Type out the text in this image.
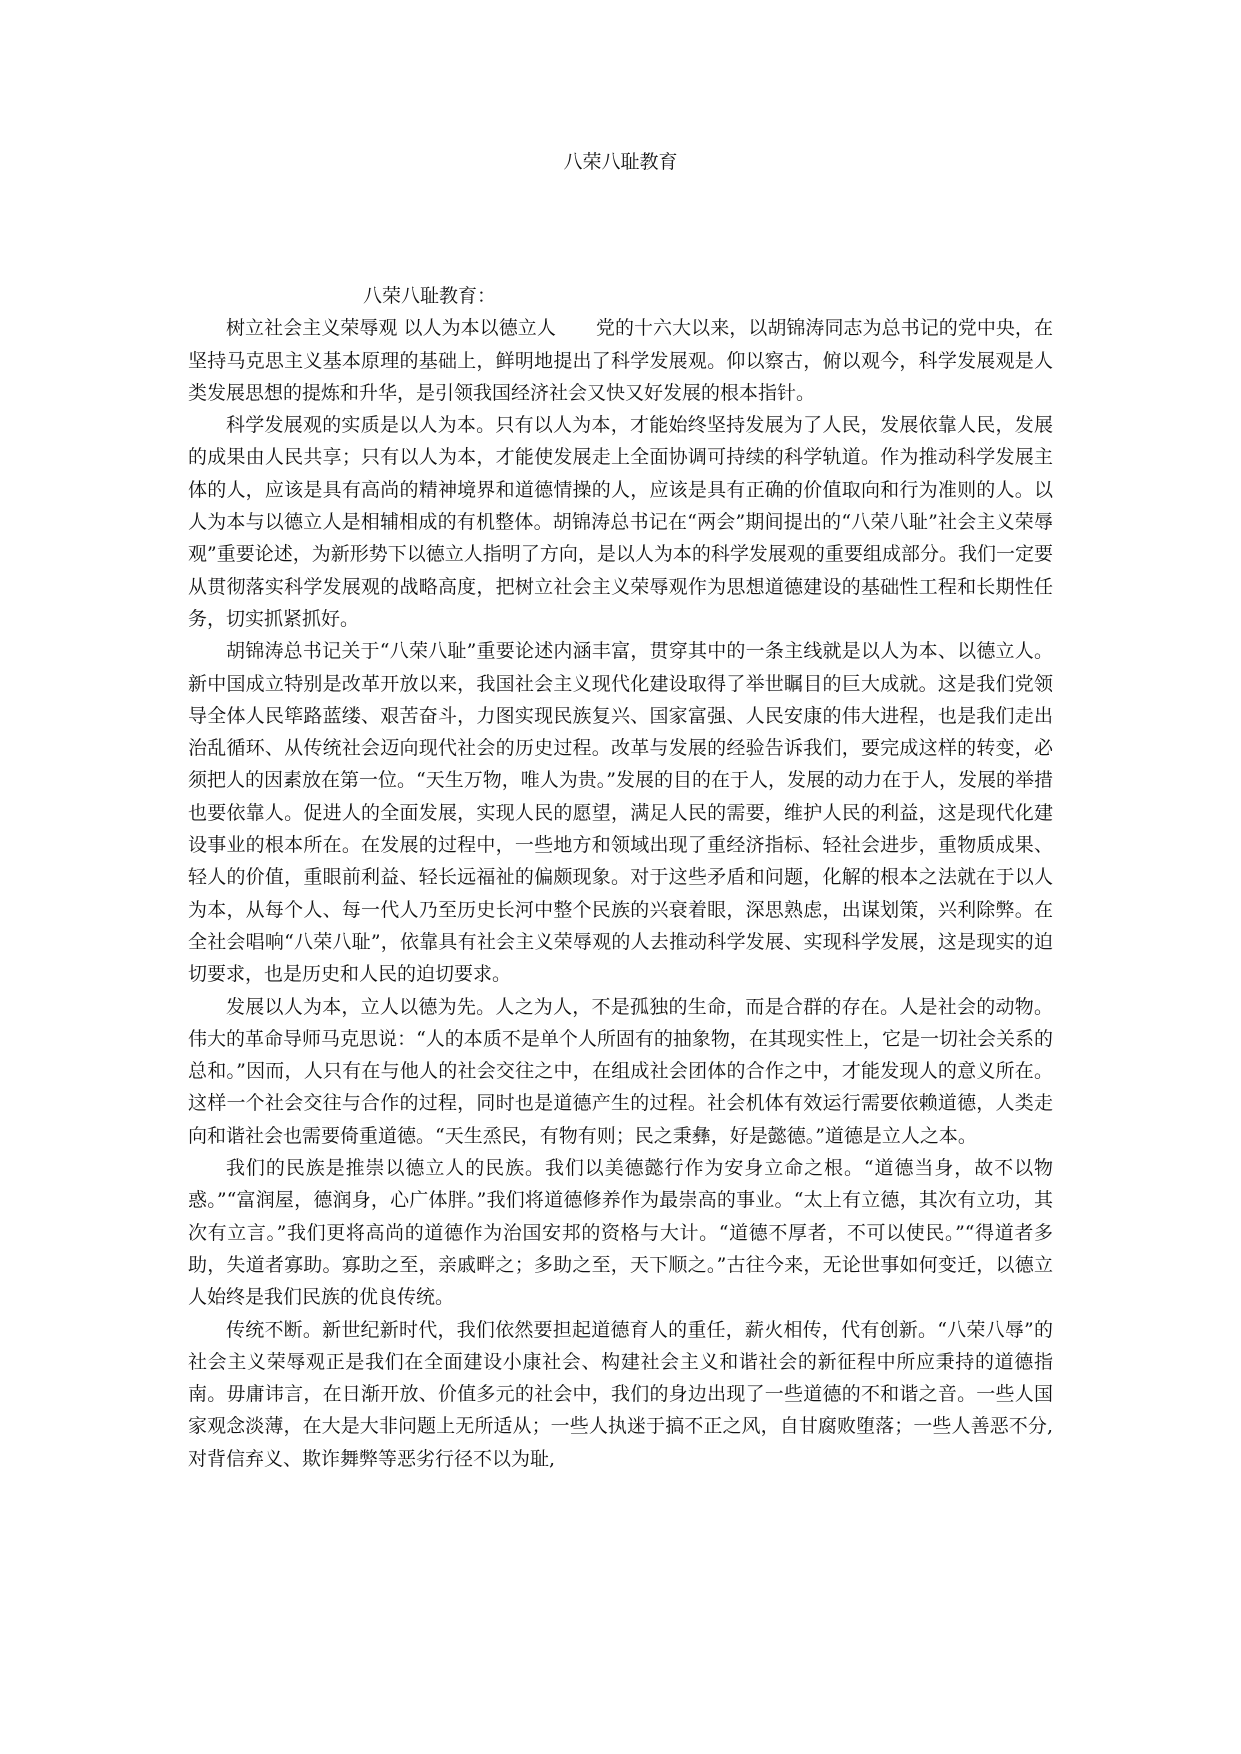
八荣八耻教育

八荣八耻教育：

树立社会主义荣辱观 以人为本以德立人 党的十六大以来，以胡锦涛同志为总书记的党中央，在坚持马克思主义基本原理的基础上，鲜明地提出了科学发展观。仰以察古，俯以观今，科学发展观是人类发展思想的提炼和升华，是引领我国经济社会又快又好发展的根本指针。

科学发展观的实质是以人为本。只有以人为本，才能始终坚持发展为了人民，发展依靠人民，发展的成果由人民共享；只有以人为本，才能使发展走上全面协调可持续的科学轨道。作为推动科学发展主体的人，应该是具有高尚的精神境界和道德情操的人，应该是具有正确的价值取向和行为准则的人。以人为本与以德立人是相辅相成的有机整体。胡锦涛总书记在“两会”期间提出的“八荣八耻”社会主义荣辱观”重要论述，为新形势下以德立人指明了方向，是以人为本的科学发展观的重要组成部分。我们一定要从贯彻落实科学发展观的战略高度，把树立社会主义荣辱观作为思想道德建设的基础性工程和长期性任务，切实抓紧抓好。

胡锦涛总书记关于“八荣八耻”重要论述内涵丰富，贯穿其中的一条主线就是以人为本、以德立人。新中国成立特别是改革开放以来，我国社会主义现代化建设取得了举世瞩目的巨大成就。这是我们党领导全体人民筚路蓝缕、艰苦奋斗，力图实现民族复兴、国家富强、人民安康的伟大进程，也是我们走出治乱循环、从传统社会迈向现代社会的历史过程。改革与发展的经验告诉我们，要完成这样的转变，必须把人的因素放在第一位。“天生万物，唯人为贵。”发展的目的在于人，发展的动力在于人，发展的举措也要依靠人。促进人的全面发展，实现人民的愿望，满足人民的需要，维护人民的利益，这是现代化建设事业的根本所在。在发展的过程中，一些地方和领域出现了重经济指标、轻社会进步，重物质成果、轻人的价值，重眼前利益、轻长远福祉的偏颇现象。对于这些矛盾和问题，化解的根本之法就在于以人为本，从每个人、每一代人乃至历史长河中整个民族的兴衰着眼，深思熟虑，出谋划策，兴利除弊。在全社会唱响“八荣八耻”，依靠具有社会主义荣辱观的人去推动科学发展、实现科学发展，这是现实的迫切要求，也是历史和人民的迫切要求。

发展以人为本，立人以德为先。人之为人，不是孤独的生命，而是合群的存在。人是社会的动物。伟大的革命导师马克思说：“人的本质不是单个人所固有的抽象物，在其现实性上，它是一切社会关系的总和。”因而，人只有在与他人的社会交往之中，在组成社会团体的合作之中，才能发现人的意义所在。这样一个社会交往与合作的过程，同时也是道德产生的过程。社会机体有效运行需要依赖道德，人类走向和谐社会也需要倚重道德。“天生烝民，有物有则；民之秉彝，好是懿德。”道德是立人之本。

我们的民族是推崇以德立人的民族。我们以美德懿行作为安身立命之根。“道德当身，故不以物惑。”“富润屋，德润身，心广体胖。”我们将道德修养作为最崇高的事业。“太上有立德，其次有立功，其次有立言。”我们更将高尚的道德作为治国安邦的资格与大计。“道德不厚者，不可以使民。”“得道者多助，失道者寡助。寡助之至，亲戚畔之；多助之至，天下顺之。”古往今来，无论世事如何变迁，以德立人始终是我们民族的优良传统。

传统不断。新世纪新时代，我们依然要担起道德育人的重任，薪火相传，代有创新。“八荣八辱”的社会主义荣辱观正是我们在全面建设小康社会、构建社会主义和谐社会的新征程中所应秉持的道德指南。毋庸讳言，在日渐开放、价值多元的社会中，我们的身边出现了一些道德的不和谐之音。一些人国家观念淡薄，在大是大非问题上无所适从；一些人执迷于搞不正之风，自甘腐败堕落；一些人善恶不分,对背信弃义、欺诈舞弊等恶劣行径不以为耻,
